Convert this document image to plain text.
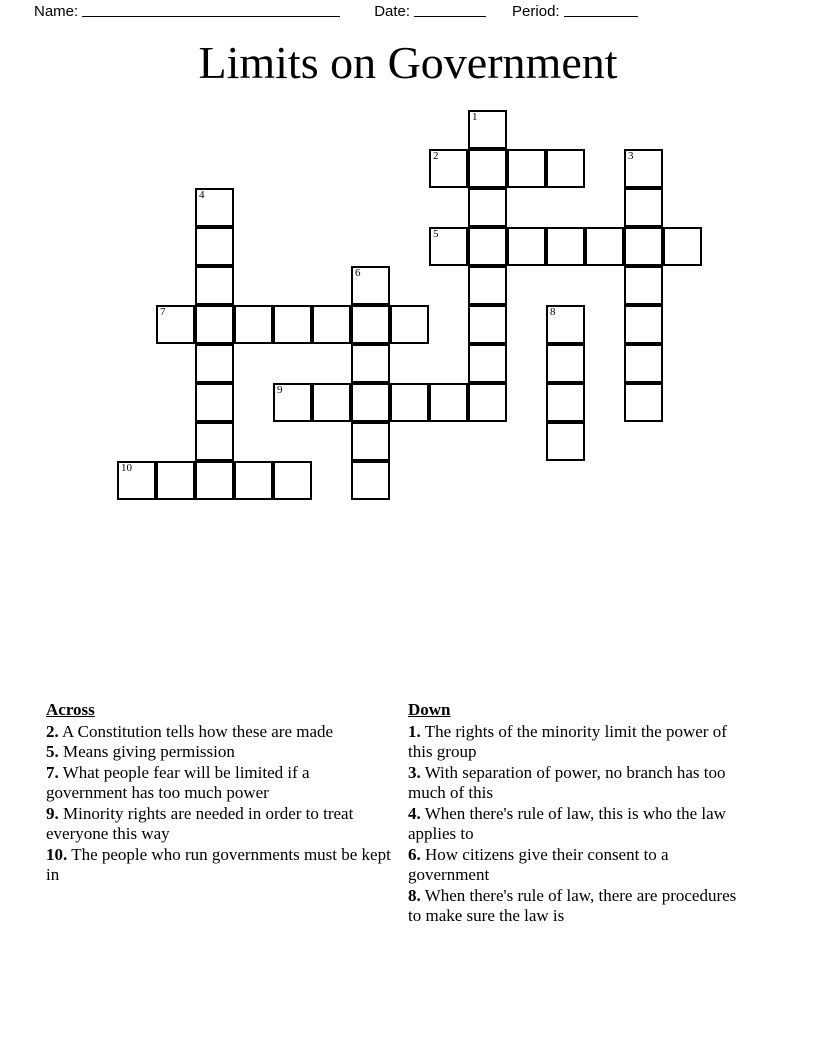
Name:	Date:	Period:
Limits on Government
1
2	3
4
5
6
7	8
9
10
Across
2. A Constitution tells how these are made
5. Means giving permission
7. What people fear will be limited if a government has too much power
9. Minority rights are needed in order to treat everyone this way
10. The people who run governments must be kept in
Down
1. The rights of the minority limit the power of this group
3. With separation of power, no branch has too much of this
4. When there's rule of law, this is who the law applies to
6. How citizens give their consent to a government
8. When there's rule of law, there are procedures to make sure the law is
